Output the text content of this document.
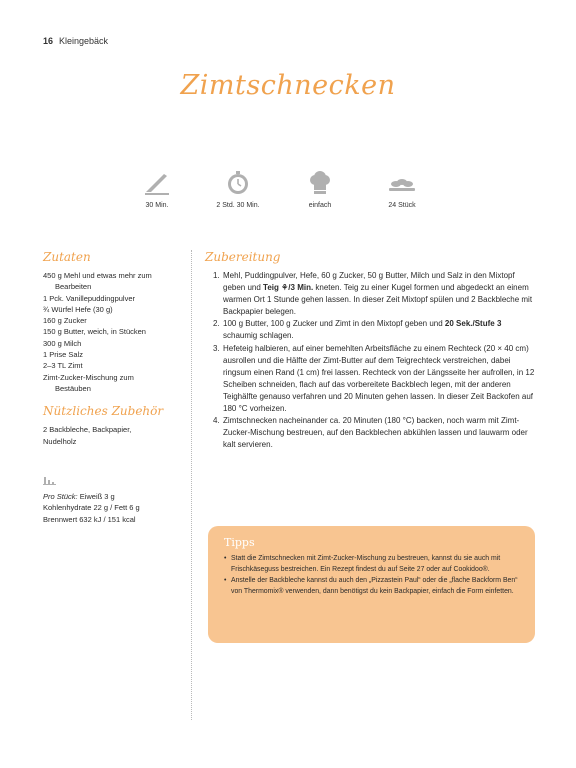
16 Kleingebäck
Zimtschnecken
30 Min.	2 Std. 30 Min.	einfach	24 Stück
Zutaten
450 g Mehl und etwas mehr zum
Bearbeiten
1 Pck. Vanillepuddingpulver
¾ Würfel Hefe (30 g)
160 g Zucker
150 g Butter, weich, in Stücken
300 g Milch
1 Prise Salz
2–3 TL Zimt
Zimt-Zucker-Mischung zum
Bestäuben
Nützliches Zubehör
2 Backbleche, Backpapier,
Nudelholz
Pro Stück: Eiweiß 3 g
Kohlenhydrate 22 g / Fett 6 g
Brennwert 632 kJ / 151 kcal
Zubereitung
1. Mehl, Puddingpulver, Hefe, 60 g Zucker, 50 g Butter, Milch und Salz in den Mixtopf geben und Teig ⚘/3 Min. kneten. Teig zu einer Kugel formen und abgedeckt an einem warmen Ort 1 Stunde gehen lassen. In dieser Zeit Mixtopf spülen und 2 Backbleche mit Backpapier belegen.
2. 100 g Butter, 100 g Zucker und Zimt in den Mixtopf geben und 20 Sek./Stufe 3 schaumig schlagen.
3. Hefeteig halbieren, auf einer bemehlten Arbeitsfläche zu einem Rechteck (20 × 40 cm) ausrollen und die Hälfte der Zimt-Butter auf dem Teigrechteck verstreichen, dabei ringsum einen Rand (1 cm) frei lassen. Rechteck von der Längsseite her aufrollen, in 12 Scheiben schneiden, flach auf das vorbereitete Backblech legen, mit der anderen Teighälfte genauso verfahren und 20 Minuten gehen lassen. In dieser Zeit Backofen auf 180 °C vorheizen.
4. Zimtschnecken nacheinander ca. 20 Minuten (180 °C) backen, noch warm mit Zimt-Zucker-Mischung bestreuen, auf den Backblechen abkühlen lassen und lauwarm oder kalt servieren.
Tipps
• Statt die Zimtschnecken mit Zimt-Zucker-Mischung zu bestreuen, kannst du sie auch mit Frischkäseguss bestreichen. Ein Rezept findest du auf Seite 27 oder auf Cookidoo®.
• Anstelle der Backbleche kannst du auch den „Pizzastein Paul“ oder die „flache Backform Ben“ von Thermomix® verwenden, dann benötigst du kein Backpapier, einfach die Form einfetten.
